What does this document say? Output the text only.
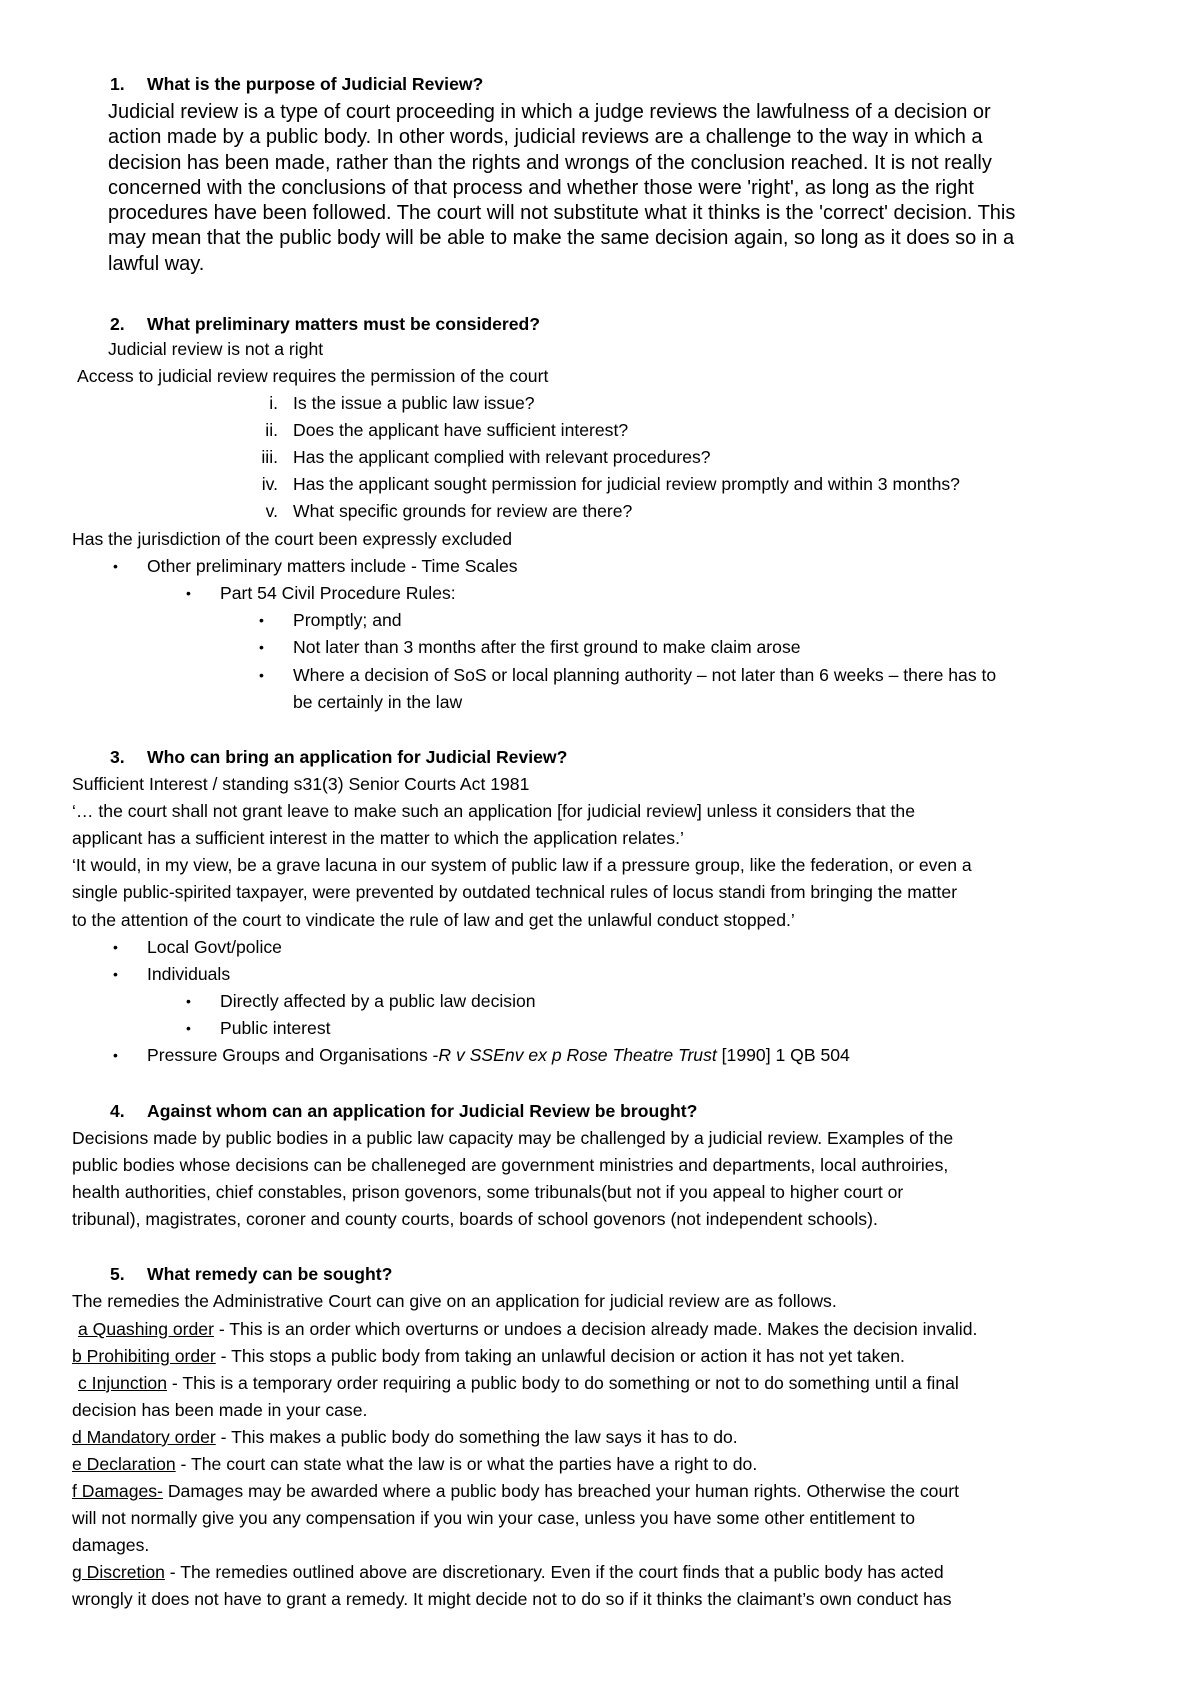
1. What is the purpose of Judicial Review?
Judicial review is a type of court proceeding in which a judge reviews the lawfulness of a decision or
action made by a public body. In other words, judicial reviews are a challenge to the way in which a
decision has been made, rather than the rights and wrongs of the conclusion reached. It is not really
concerned with the conclusions of that process and whether those were 'right', as long as the right
procedures have been followed. The court will not substitute what it thinks is the 'correct' decision. This
may mean that the public body will be able to make the same decision again, so long as it does so in a
lawful way.
2. What preliminary matters must be considered?
Judicial review is not a right
Access to judicial review requires the permission of the court
i. Is the issue a public law issue?
ii. Does the applicant have sufficient interest?
iii. Has the applicant complied with relevant procedures?
iv. Has the applicant sought permission for judicial review promptly and within 3 months?
v. What specific grounds for review are there?
Has the jurisdiction of the court been expressly excluded
• Other preliminary matters include - Time Scales
• Part 54 Civil Procedure Rules:
• Promptly; and
• Not later than 3 months after the first ground to make claim arose
• Where a decision of SoS or local planning authority – not later than 6 weeks – there has to
be certainly in the law
3. Who can bring an application for Judicial Review?
Sufficient Interest / standing s31(3) Senior Courts Act 1981
‘… the court shall not grant leave to make such an application [for judicial review] unless it considers that the
applicant has a sufficient interest in the matter to which the application relates.’
‘It would, in my view, be a grave lacuna in our system of public law if a pressure group, like the federation, or even a
single public-spirited taxpayer, were prevented by outdated technical rules of locus standi from bringing the matter
to the attention of the court to vindicate the rule of law and get the unlawful conduct stopped.’
• Local Govt/police
• Individuals
• Directly affected by a public law decision
• Public interest
• Pressure Groups and Organisations -R v SSEnv ex p Rose Theatre Trust [1990] 1 QB 504
4. Against whom can an application for Judicial Review be brought?
Decisions made by public bodies in a public law capacity may be challenged by a judicial review. Examples of the
public bodies whose decisions can be challeneged are government ministries and departments, local authroiries,
health authorities, chief constables, prison govenors, some tribunals(but not if you appeal to higher court or
tribunal), magistrates, coroner and county courts, boards of school govenors (not independent schools).
5. What remedy can be sought?
The remedies the Administrative Court can give on an application for judicial review are as follows.
a Quashing order - This is an order which overturns or undoes a decision already made. Makes the decision invalid.
b Prohibiting order - This stops a public body from taking an unlawful decision or action it has not yet taken.
c Injunction - This is a temporary order requiring a public body to do something or not to do something until a final
decision has been made in your case.
d Mandatory order - This makes a public body do something the law says it has to do.
e Declaration - The court can state what the law is or what the parties have a right to do.
f Damages- Damages may be awarded where a public body has breached your human rights. Otherwise the court
will not normally give you any compensation if you win your case, unless you have some other entitlement to
damages.
g Discretion - The remedies outlined above are discretionary. Even if the court finds that a public body has acted
wrongly it does not have to grant a remedy. It might decide not to do so if it thinks the claimant’s own conduct has
